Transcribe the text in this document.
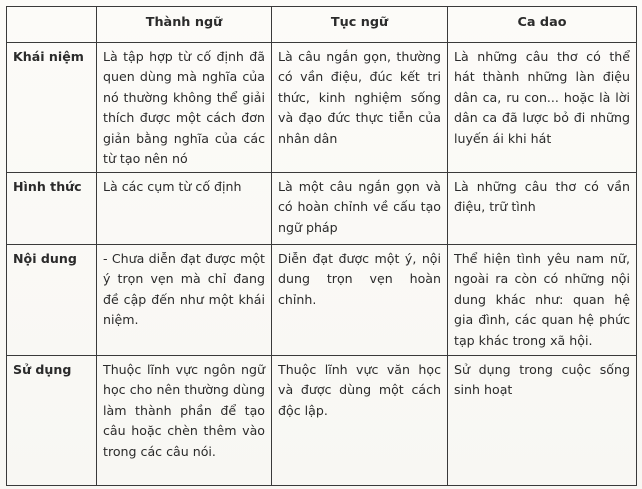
	Thành ngữ	Tục ngữ	Ca dao
Khái niệm	Là tập hợp từ cố định đã quen dùng mà nghĩa của nó thường không thể giải thích được một cách đơn giản bằng nghĩa của các từ tạo nên nó	Là câu ngắn gọn, thường có vần điệu, đúc kết tri thức, kinh nghiệm sống và đạo đức thực tiễn của nhân dân	Là những câu thơ có thể hát thành những làn điệu dân ca, ru con... hoặc là lời dân ca đã lược bỏ đi những luyến ái khi hát
Hình thức	Là các cụm từ cố định	Là một câu ngắn gọn và có hoàn chỉnh về cấu tạo ngữ pháp	Là những câu thơ có vần điệu, trữ tình
Nội dung	- Chưa diễn đạt được một ý trọn vẹn mà chỉ đang đề cập đến như một khái niệm.	Diễn đạt được một ý, nội dung trọn vẹn hoàn chỉnh.	Thể hiện tình yêu nam nữ, ngoài ra còn có những nội dung khác như: quan hệ gia đình, các quan hệ phức tạp khác trong xã hội.
Sử dụng	Thuộc lĩnh vực ngôn ngữ học cho nên thường dùng làm thành phần để tạo câu hoặc chèn thêm vào trong các câu nói.	Thuộc lĩnh vực văn học và được dùng một cách độc lập.	Sử dụng trong cuộc sống sinh hoạt
